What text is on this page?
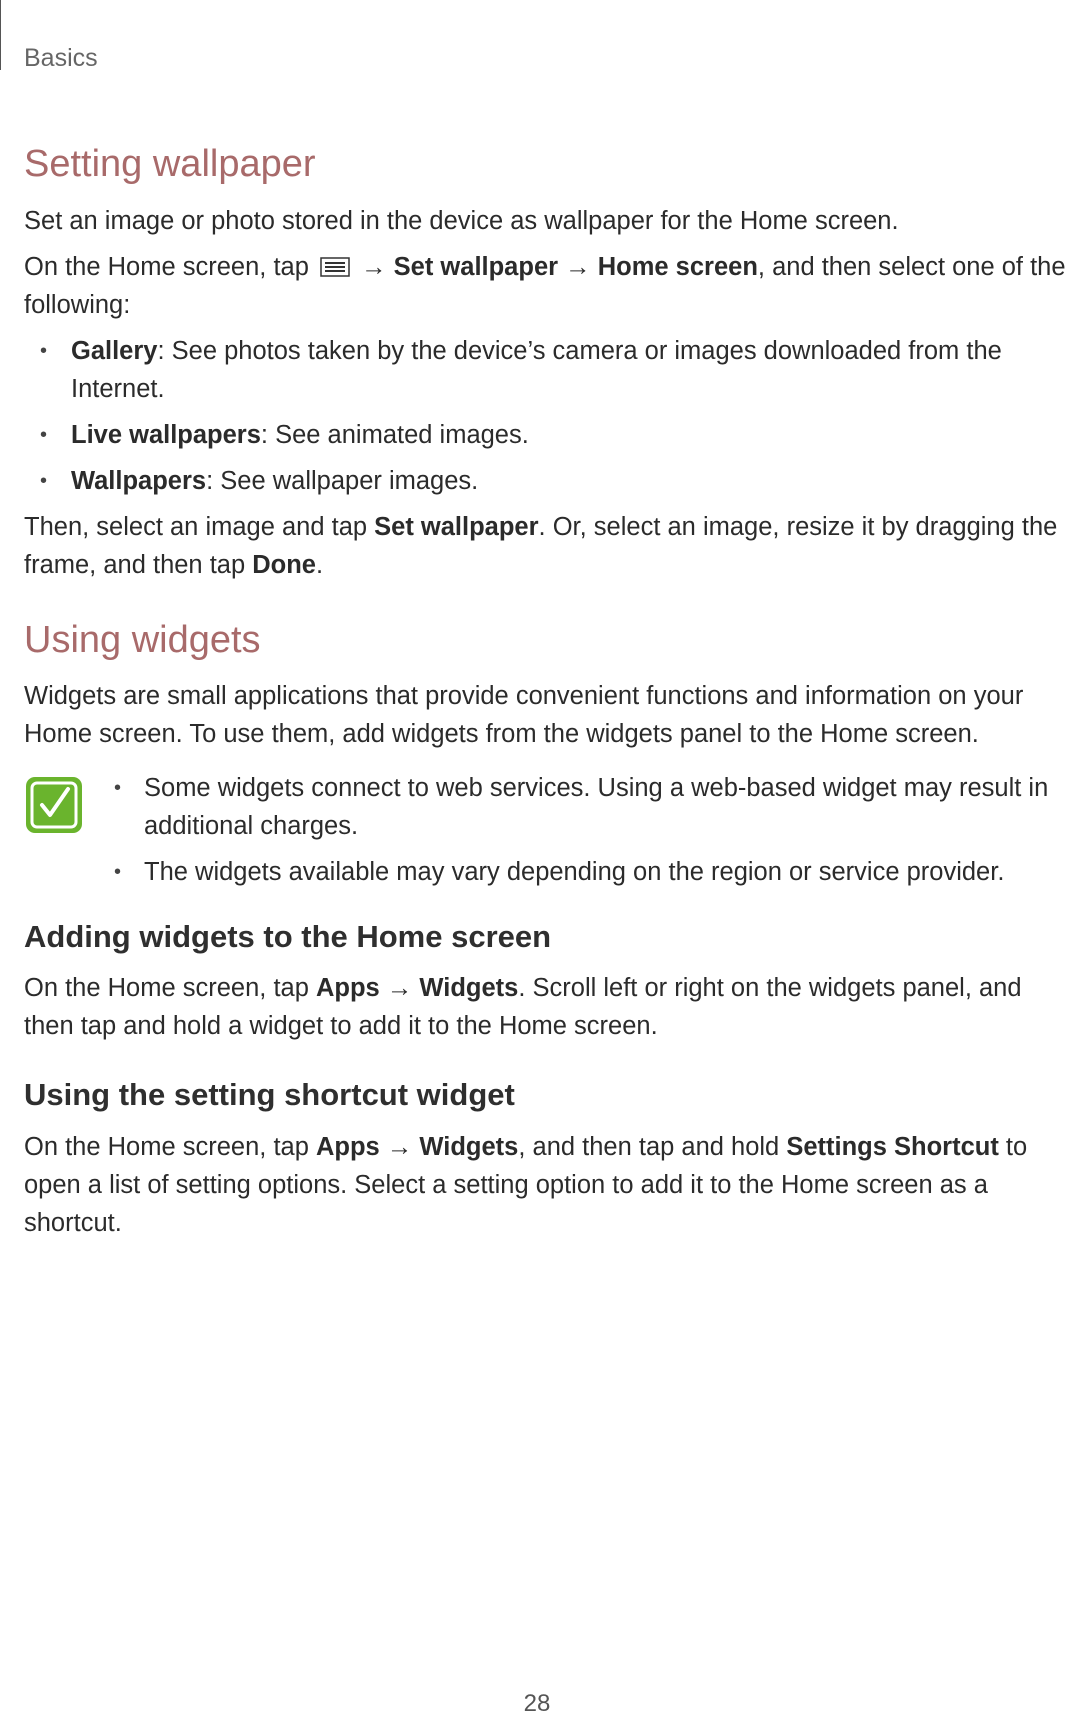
Basics
Setting wallpaper

Set an image or photo stored in the device as wallpaper for the Home screen.

On the Home screen, tap  → Set wallpaper → Home screen, and then select one of the following:

• Gallery: See photos taken by the device’s camera or images downloaded from the Internet.
• Live wallpapers: See animated images.
• Wallpapers: See wallpaper images.

Then, select an image and tap Set wallpaper. Or, select an image, resize it by dragging the frame, and then tap Done.

Using widgets

Widgets are small applications that provide convenient functions and information on your Home screen. To use them, add widgets from the widgets panel to the Home screen.

• Some widgets connect to web services. Using a web-based widget may result in additional charges.
• The widgets available may vary depending on the region or service provider.
Adding widgets to the Home screen

On the Home screen, tap Apps → Widgets. Scroll left or right on the widgets panel, and then tap and hold a widget to add it to the Home screen.

Using the setting shortcut widget

On the Home screen, tap Apps → Widgets, and then tap and hold Settings Shortcut to open a list of setting options. Select a setting option to add it to the Home screen as a shortcut.

28
